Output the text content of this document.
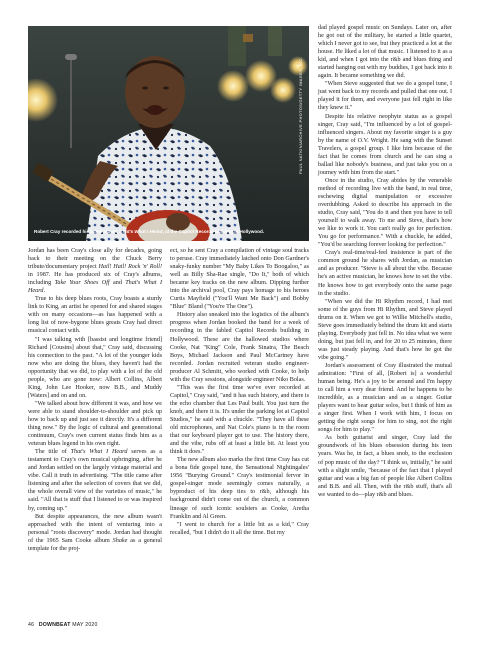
PAUL NATKIN/ARCHIVE PHOTOS/GETTY IMAGES, INC.
Robert Cray recorded his latest album, That's What I Heard, at the Capitol Records building in Hollywood.

Jordan has been Cray's close ally for decades, going back to their meeting on the Chuck Berry tribute/documentary project Hail! Hail! Rock 'n' Roll! in 1987. He has produced six of Cray's albums, including Take Your Shoes Off and That's What I Heard.

True to his deep blues roots, Cray boasts a sturdy link to King, an artist he opened for and shared stages with on many occasions—as has happened with a long list of now-bygone blues greats Cray had direct musical contact with.

"I was talking with [bassist and longtime friend] Richard [Cousins] about that," Cray said, discussing his connection to the past. "A lot of the younger kids now who are doing the blues, they haven't had the opportunity that we did, to play with a lot of the old people, who are gone now: Albert Collins, Albert King, John Lee Hooker, now B.B., and Muddy [Waters] and on and on.

"We talked about how different it was, and how we were able to stand shoulder-to-shoulder and pick up how to back up and just see it directly. It's a different thing now." By the logic of cultural and generational continuum, Cray's own current status finds him as a veteran blues legend in his own right.

The title of That's What I Heard serves as a testament to Cray's own musical upbringing, after he and Jordan settled on the largely vintage material and vibe. Call it truth in advertising. "The title came after listening and after the selection of covers that we did, the whole overall view of the varieties of music," he said. "All that is stuff that I listened to or was inspired by, coming up."

But despite appearances, the new album wasn't approached with the intent of venturing into a personal "roots discovery" mode. Jordan had thought of the 1965 Sam Cooke album Shake as a general template for the proj-

ect, so he sent Cray a compilation of vintage soul tracks to peruse. Cray immediately latched onto Don Gardner's snaky-funky number "My Baby Likes To Boogaloo," as well as Billy Sha-Rae single, "Do It," both of which became key tracks on the new album. Dipping further into the archival pool, Cray pays homage to his heroes Curtis Mayfield ("You'll Want Me Back") and Bobby "Blue" Bland ("You're The One").

History also sneaked into the logistics of the album's progress when Jordan booked the band for a week of recording in the fabled Capitol Records building in Hollywood. These are the hallowed studios where Cooke, Nat "King" Cole, Frank Sinatra, The Beach Boys, Michael Jackson and Paul McCartney have recorded. Jordan recruited veteran studio engineer-producer Al Schmitt, who worked with Cooke, to help with the Cray sessions, alongside engineer Niko Bolas.

"This was the first time we've ever recorded at Capitol," Cray said, "and it has such history, and there is the echo chamber that Les Paul built. You just turn the knob, and there it is. It's under the parking lot at Capitol Studios," he said with a chuckle. "They have all these old microphones, and Nat Cole's piano is in the room that our keyboard player got to use. The history there, and the vibe, rubs off at least a little bit. At least you think it does."

The new album also marks the first time Cray has cut a bona fide gospel tune, the Sensational Nightingales' 1956 "Burying Ground." Cray's testimonial fervor in gospel-singer mode seemingly comes naturally, a byproduct of his deep ties to r&b, although his background didn't come out of the church, a common lineage of such iconic soulsters as Cooke, Aretha Franklin and Al Green.

"I went to church for a little bit as a kid," Cray recalled, "but I didn't do it all the time. But my

dad played gospel music on Sundays. Later on, after he got out of the military, he started a little quartet, which I never got to see, but they practiced a lot at the house. He liked a lot of that music. I listened to it as a kid, and when I got into the r&b and blues thing and started hanging out with my buddies, I got back into it again. It became something we did.

"When Steve suggested that we do a gospel tune, I just went back to my records and pulled that one out. I played it for them, and everyone just fell right in like they knew it."

Despite his relative neophyte status as a gospel singer, Cray said, "I'm influenced by a lot of gospel-influenced singers. About my favorite singer is a guy by the name of O.V. Wright. He sang with the Sunset Travelers, a gospel group. I like him because of the fact that he comes from church and he can sing a ballad like nobody's business, and just take you on a journey with him from the start."

Once in the studio, Cray abides by the venerable method of recording live with the band, in real time, eschewing digital manipulation or excessive overdubbing. Asked to describe his approach in the studio, Cray said, "You do it and then you have to tell yourself to walk away. To me and Steve, that's how we like to work it. You can't really go for perfection. You go for performance." With a chuckle, he added, "You'd be searching forever looking for perfection."

Cray's real-time/real-feel insistence is part of the common ground he shares with Jordan, as musician and as producer. "Steve is all about the vibe. Because he's an active musician, he knows how to set the vibe. He knows how to get everybody onto the same page in the studio.

"When we did the Hi Rhythm record, I had met some of the guys from Hi Rhythm, and Steve played drums on it. When we got to Willie Mitchell's studio, Steve goes immediately behind the drum kit and starts playing. Everybody just fell in. No idea what we were doing, but just fell in, and for 20 to 25 minutes, there was just steady playing. And that's how he got the vibe going."

Jordan's assessment of Cray illustrated the mutual admiration: "First of all, [Robert is] a wonderful human being. He's a joy to be around and I'm happy to call him a very dear friend. And he happens to be incredible, as a musician and as a singer. Guitar players want to hear guitar solos, but I think of him as a singer first. When I work with him, I focus on getting the right songs for him to sing, not the right songs for him to play."

As both guitarist and singer, Cray laid the groundwork of his blues obsession during his teen years. Was he, in fact, a blues snob, to the exclusion of pop music of the day? "I think so, initially," he said with a slight smile, "because of the fact that I played guitar and was a big fan of people like Albert Collins and B.B. and all. Then, with the r&b stuff, that's all we wanted to do—play r&b and blues.

46 DOWNBEAT MAY 2020
